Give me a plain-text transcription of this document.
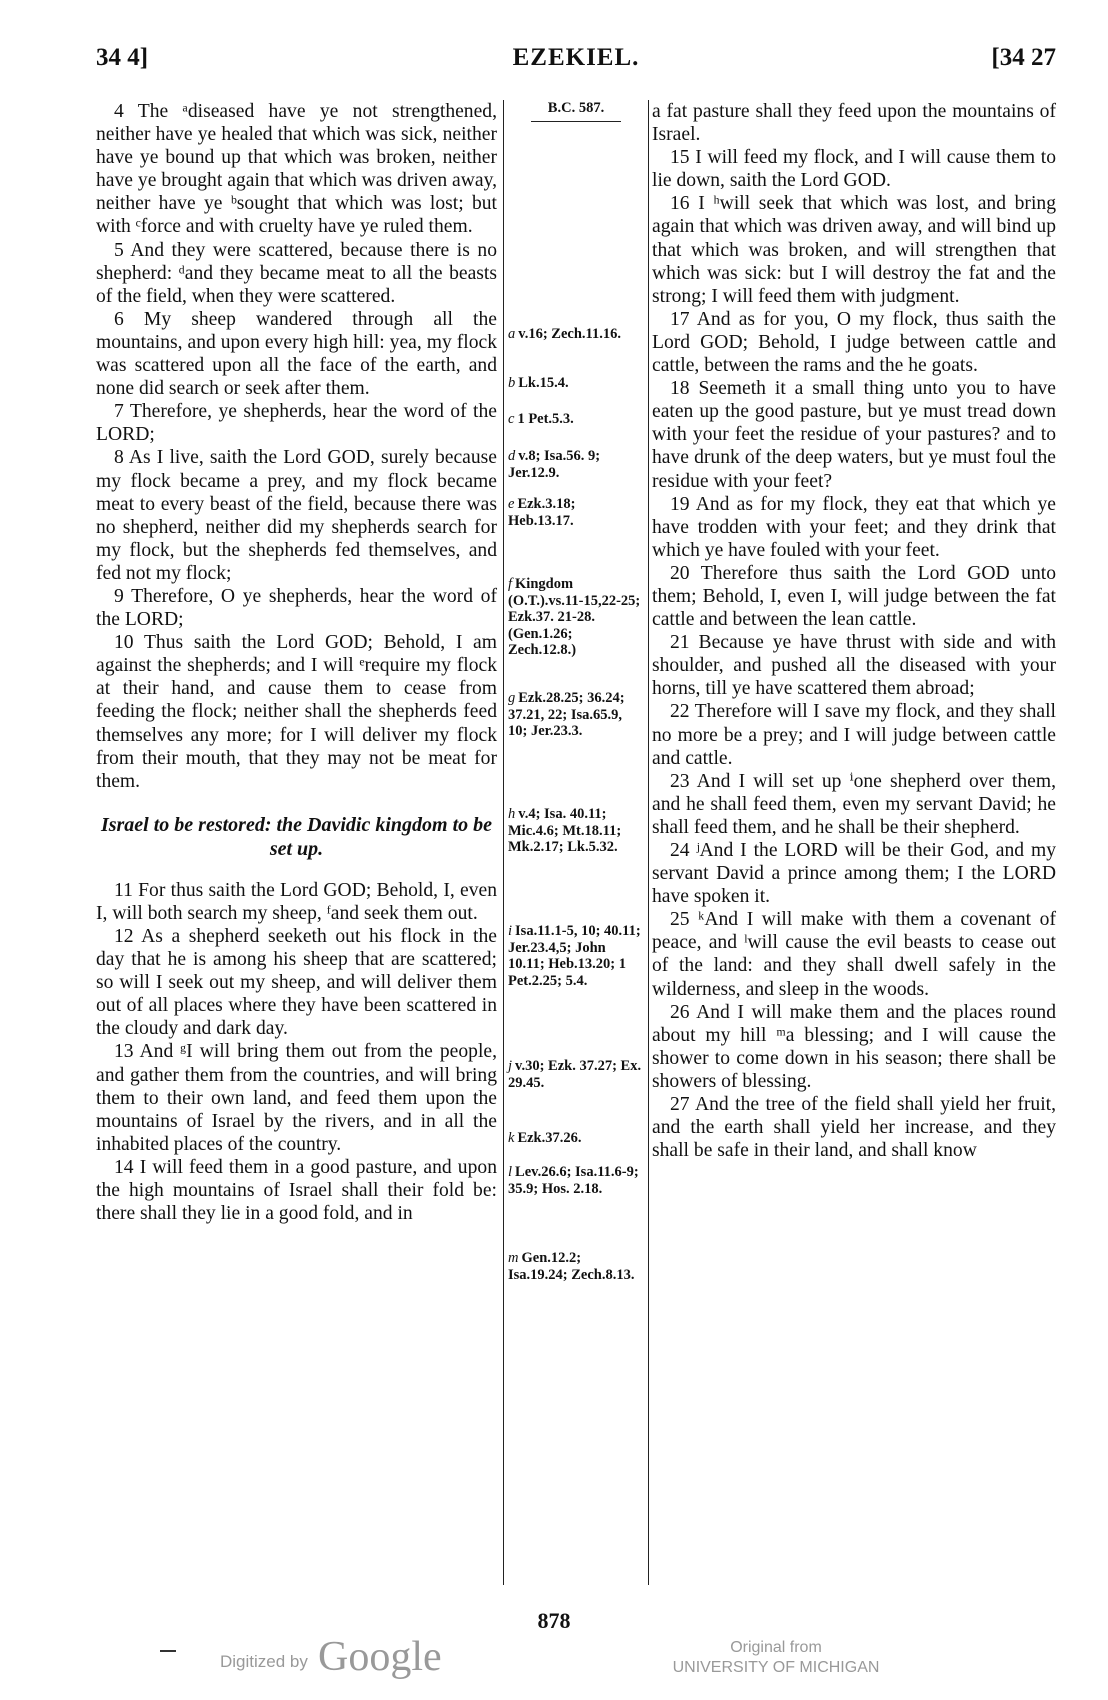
34 4]	EZEKIEL.	[34 27

4 The ᵃdiseased have ye not strengthened, neither have ye healed that which was sick, neither have ye bound up that which was broken, neither have ye brought again that which was driven away, neither have ye ᵇsought that which was lost; but with ᶜforce and with cruelty have ye ruled them.

5 And they were scattered, because there is no shepherd: ᵈand they became meat to all the beasts of the field, when they were scattered.

6 My sheep wandered through all the mountains, and upon every high hill: yea, my flock was scattered upon all the face of the earth, and none did search or seek after them.

7 Therefore, ye shepherds, hear the word of the LORD;

8 As I live, saith the Lord GOD, surely because my flock became a prey, and my flock became meat to every beast of the field, because there was no shepherd, neither did my shepherds search for my flock, but the shepherds fed themselves, and fed not my flock;

9 Therefore, O ye shepherds, hear the word of the LORD;

10 Thus saith the Lord GOD; Behold, I am against the shepherds; and I will ᵉrequire my flock at their hand, and cause them to cease from feeding the flock; neither shall the shepherds feed themselves any more; for I will deliver my flock from their mouth, that they may not be meat for them.

Israel to be restored: the Davidic kingdom to be set up.

11 For thus saith the Lord GOD; Behold, I, even I, will both search my sheep, ᶠand seek them out.

12 As a shepherd seeketh out his flock in the day that he is among his sheep that are scattered; so will I seek out my sheep, and will deliver them out of all places where they have been scattered in the cloudy and dark day.

13 And ᵍI will bring them out from the people, and gather them from the countries, and will bring them to their own land, and feed them upon the mountains of Israel by the rivers, and in all the inhabited places of the country.

14 I will feed them in a good pasture, and upon the high mountains of Israel shall their fold be: there shall they lie in a good fold, and in

B.C. 587.
a v.16; Zech.11.16.
b Lk.15.4.
c 1 Pet.5.3.
d v.8; Isa.56. 9; Jer.12.9.
e Ezk.3.18; Heb.13.17.
f Kingdom (O.T.).vs.11-15,22-25; Ezk.37. 21-28. (Gen.1.26; Zech.12.8.)
g Ezk.28.25; 36.24; 37.21, 22; Isa.65.9, 10; Jer.23.3.
h v.4; Isa. 40.11; Mic.4.6; Mt.18.11; Mk.2.17; Lk.5.32.
i Isa.11.1-5, 10; 40.11; Jer.23.4,5; John 10.11; Heb.13.20; 1 Pet.2.25; 5.4.
j v.30; Ezk. 37.27; Ex. 29.45.
k Ezk.37.26.
l Lev.26.6; Isa.11.6-9; 35.9; Hos. 2.18.
m Gen.12.2; Isa.19.24; Zech.8.13.

a fat pasture shall they feed upon the mountains of Israel.

15 I will feed my flock, and I will cause them to lie down, saith the Lord GOD.

16 I ʰwill seek that which was lost, and bring again that which was driven away, and will bind up that which was broken, and will strengthen that which was sick: but I will destroy the fat and the strong; I will feed them with judgment.

17 And as for you, O my flock, thus saith the Lord GOD; Behold, I judge between cattle and cattle, between the rams and the he goats.

18 Seemeth it a small thing unto you to have eaten up the good pasture, but ye must tread down with your feet the residue of your pastures? and to have drunk of the deep waters, but ye must foul the residue with your feet?

19 And as for my flock, they eat that which ye have trodden with your feet; and they drink that which ye have fouled with your feet.

20 Therefore thus saith the Lord GOD unto them; Behold, I, even I, will judge between the fat cattle and between the lean cattle.

21 Because ye have thrust with side and with shoulder, and pushed all the diseased with your horns, till ye have scattered them abroad;

22 Therefore will I save my flock, and they shall no more be a prey; and I will judge between cattle and cattle.

23 And I will set up ⁱone shepherd over them, and he shall feed them, even my servant David; he shall feed them, and he shall be their shepherd.

24 ʲAnd I the LORD will be their God, and my servant David a prince among them; I the LORD have spoken it.

25 ᵏAnd I will make with them a covenant of peace, and ˡwill cause the evil beasts to cease out of the land: and they shall dwell safely in the wilderness, and sleep in the woods.

26 And I will make them and the places round about my hill ᵐa blessing; and I will cause the shower to come down in his season; there shall be showers of blessing.

27 And the tree of the field shall yield her fruit, and the earth shall yield her increase, and they shall be safe in their land, and shall know

878
Digitized by Google	Original from
UNIVERSITY OF MICHIGAN
